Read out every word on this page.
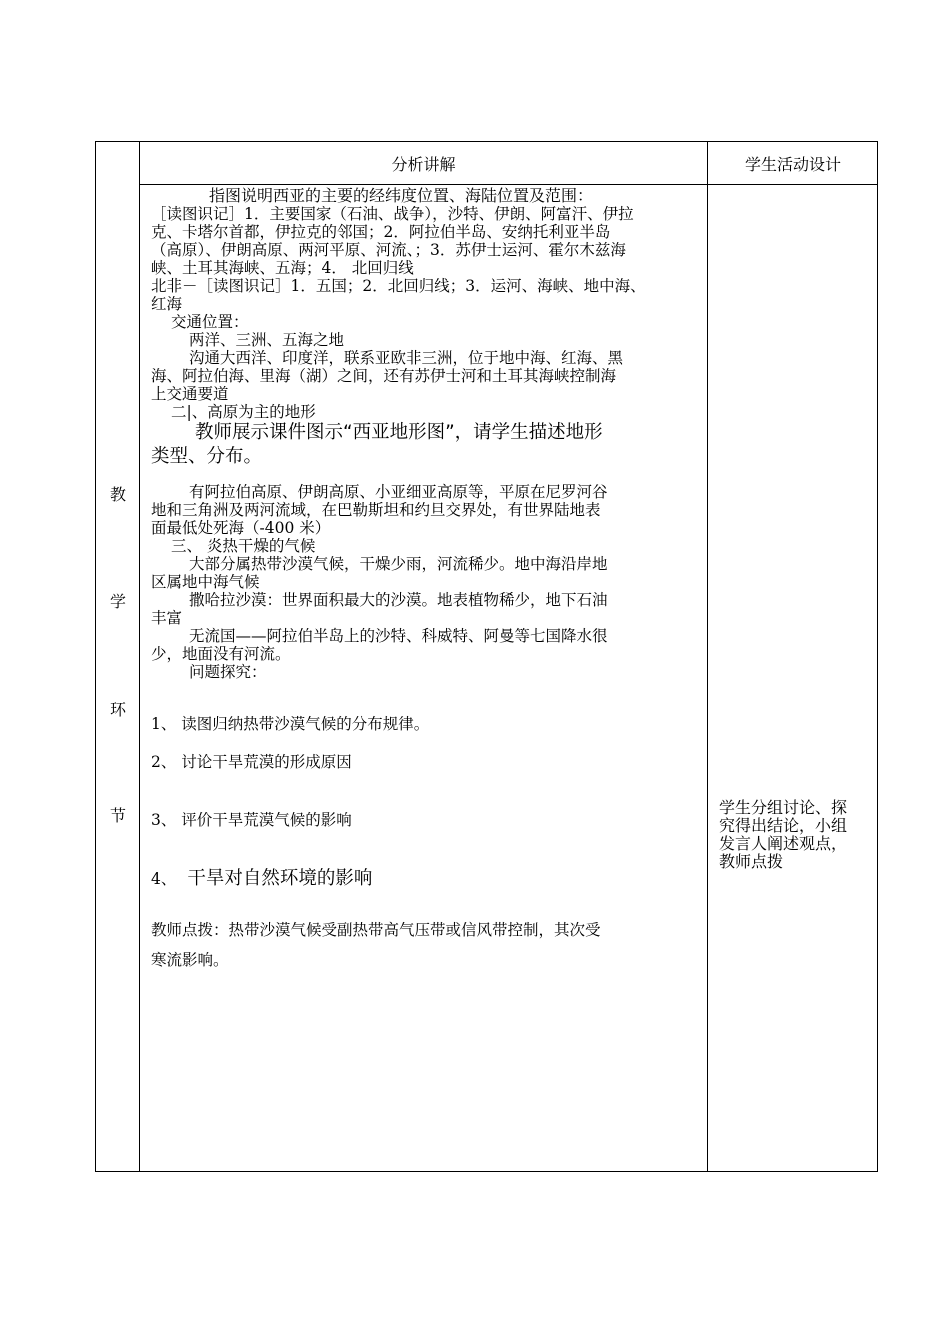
分析讲解	学生活动设计
教
学
环
节

指图说明西亚的主要的经纬度位置、海陆位置及范围：

［读图识记］1．主要国家（石油、战争），沙特、伊朗、阿富汗、伊拉

克、卡塔尔首都，伊拉克的邻国；2．阿拉伯半岛、安纳托利亚半岛

（高原）、伊朗高原、两河平原、河流、；3．苏伊士运河、霍尔木兹海

峡、土耳其海峡、五海；4． 北回归线

北非－［读图识记］1．五国；2．北回归线；3．运河、海峡、地中海、

红海

交通位置：

两洋、三洲、五海之地

沟通大西洋、印度洋，联系亚欧非三洲，位于地中海、红海、黑

海、阿拉伯海、里海（湖）之间，还有苏伊士河和土耳其海峡控制海

上交通要道

二|、高原为主的地形

教师展示课件图示“西亚地形图”，请学生描述地形

类型、分布。

有阿拉伯高原、伊朗高原、小亚细亚高原等，平原在尼罗河谷

地和三角洲及两河流域，在巴勒斯坦和约旦交界处，有世界陆地表

面最低处死海（-400 米）

三、 炎热干燥的气候

大部分属热带沙漠气候，干燥少雨，河流稀少。地中海沿岸地

区属地中海气候

撒哈拉沙漠：世界面积最大的沙漠。地表植物稀少，地下石油

丰富

无流国——阿拉伯半岛上的沙特、科威特、阿曼等七国降水很

少，地面没有河流。

问题探究：

1、 读图归纳热带沙漠气候的分布规律。

2、 讨论干旱荒漠的形成原因

3、 评价干旱荒漠气候的影响

4、 干旱对自然环境的影响

教师点拨：热带沙漠气候受副热带高气压带或信风带控制，其次受

寒流影响。

学生分组讨论、探
究得出结论，小组
发言人阐述观点，
教师点拨
